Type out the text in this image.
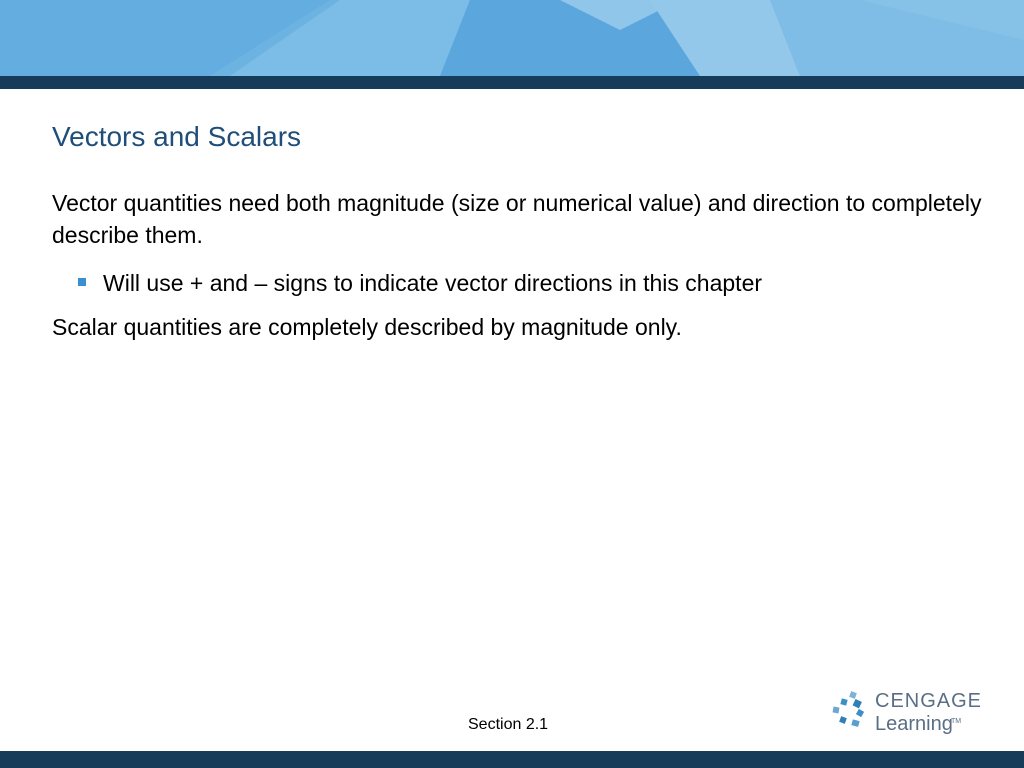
Vectors and Scalars

Vector quantities need both magnitude (size or numerical value) and direction to completely describe them.

Will use + and – signs to indicate vector directions in this chapter

Scalar quantities are completely described by magnitude only.

Section 2.1
CENGAGE
Learning
TM
